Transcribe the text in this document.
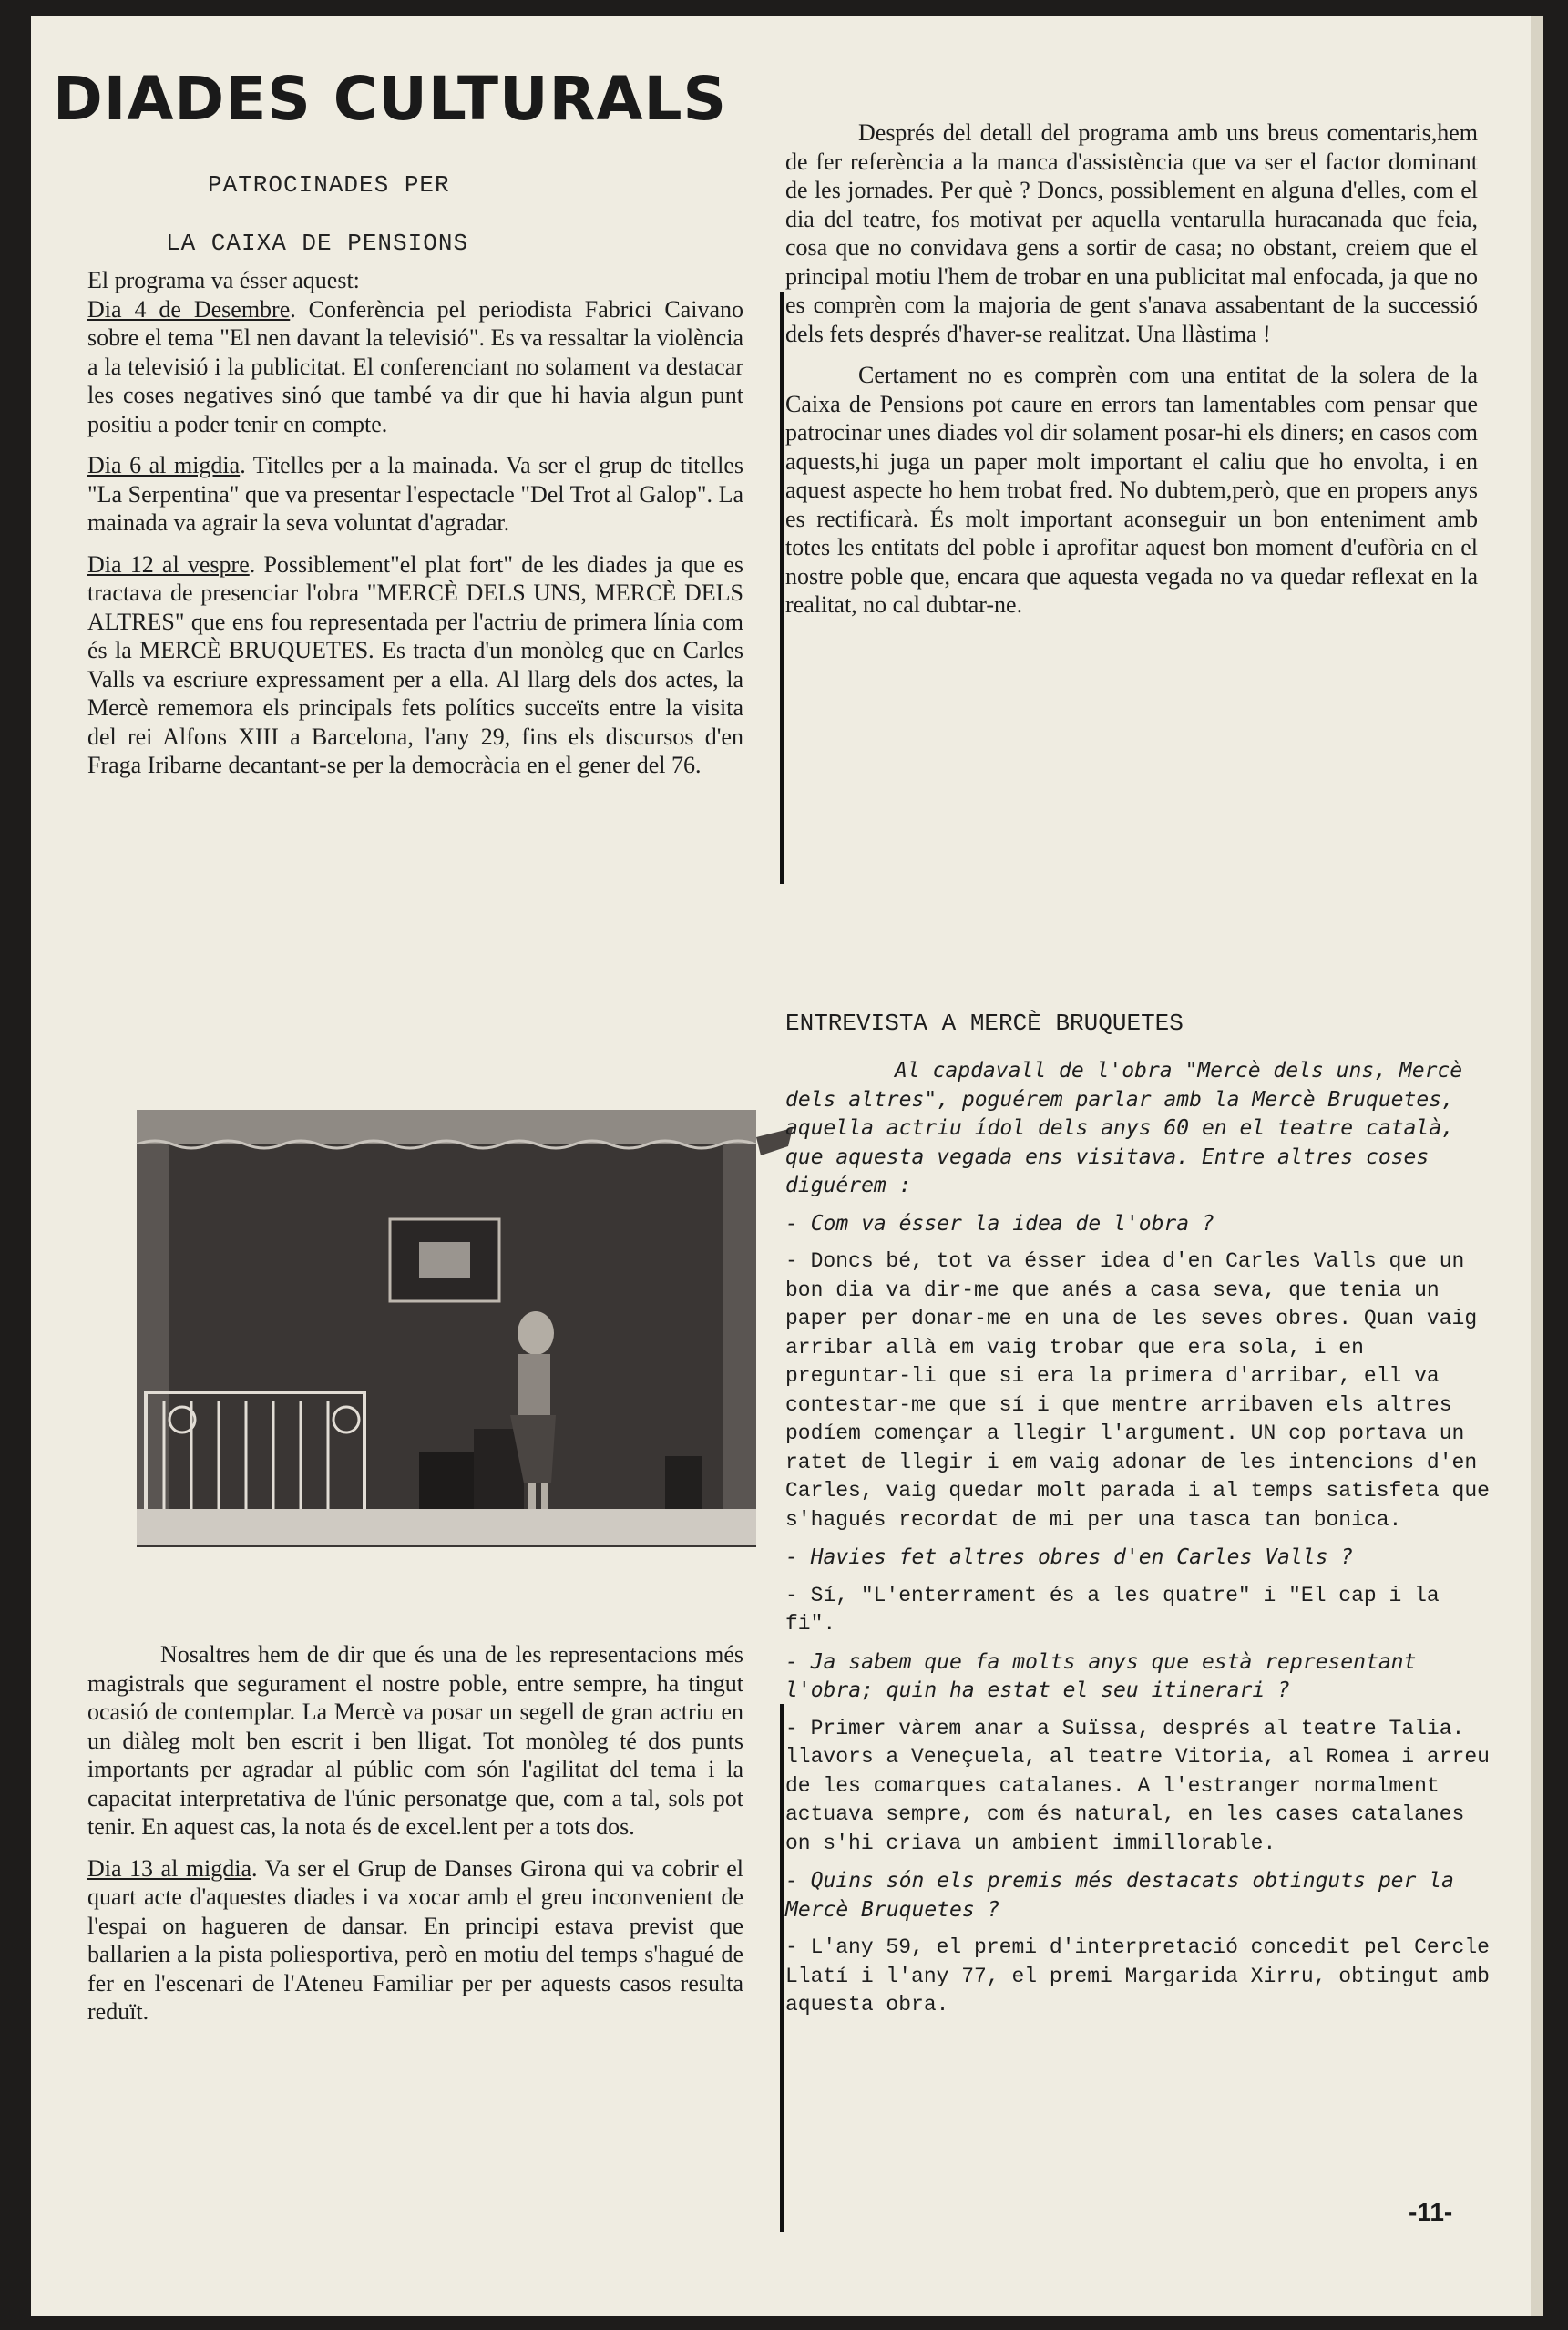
DIADES CULTURALS
PATROCINADES PER
LA CAIXA DE PENSIONS

El programa va ésser aquest:
Dia 4 de Desembre. Conferència pel periodista Fabrici Caivano sobre el tema "El nen davant la televisió". Es va ressaltar la violència a la televisió i la publicitat. El conferenciant no solament va destacar les coses negatives sinó que també va dir que hi havia algun punt positiu a poder tenir en compte.

Dia 6 al migdia. Titelles per a la mainada. Va ser el grup de titelles "La Serpentina" que va presentar l'espectacle "Del Trot al Galop". La mainada va agrair la seva voluntat d'agradar.

Dia 12 al vespre. Possiblement"el plat fort" de les diades ja que es tractava de presenciar l'obra "MERCÈ DELS UNS, MERCÈ DELS ALTRES" que ens fou representada per l'actriu de primera línia com és la MERCÈ BRUQUETES. Es tracta d'un monòleg que en Carles Valls va escriure expressament per a ella. Al llarg dels dos actes, la Mercè rememora els principals fets polítics succeïts entre la visita del rei Alfons XIII a Barcelona, l'any 29, fins els discursos d'en Fraga Iribarne decantant-se per la democràcia en el gener del 76.

Nosaltres hem de dir que és una de les representacions més magistrals que segurament el nostre poble, entre sempre, ha tingut ocasió de contemplar. La Mercè va posar un segell de gran actriu en un diàleg molt ben escrit i ben lligat. Tot monòleg té dos punts importants per agradar al públic com són l'agilitat del tema i la capacitat interpretativa de l'únic personatge que, com a tal, sols pot tenir. En aquest cas, la nota és de excel.lent per a tots dos.

Dia 13 al migdia. Va ser el Grup de Danses Girona qui va cobrir el quart acte d'aquestes diades i va xocar amb el greu inconvenient de l'espai on hagueren de dansar. En principi estava previst que ballarien a la pista poliesportiva, però en motiu del temps s'hagué de fer en l'escenari de l'Ateneu Familiar per per aquests casos resulta reduït.

Després del detall del programa amb uns breus comentaris,hem de fer referència a la manca d'assistència que va ser el factor dominant de les jornades. Per què ? Doncs, possiblement en alguna d'elles, com el dia del teatre, fos motivat per aquella ventarulla huracanada que feia, cosa que no convidava gens a sortir de casa; no obstant, creiem que el principal motiu l'hem de trobar en una publicitat mal enfocada, ja que no es comprèn com la majoria de gent s'anava assabentant de la successió dels fets després d'haver-se realitzat. Una llàstima !

Certament no es comprèn com una entitat de la solera de la Caixa de Pensions pot caure en errors tan lamentables com pensar que patrocinar unes diades vol dir solament posar-hi els diners; en casos com aquests,hi juga un paper molt important el caliu que ho envolta, i en aquest aspecte ho hem trobat fred. No dubtem,però, que en propers anys es rectificarà. És molt important aconseguir un bon enteniment amb totes les entitats del poble i aprofitar aquest bon moment d'eufòria en el nostre poble que, encara que aquesta vegada no va quedar reflexat en la realitat, no cal dubtar-ne.

ENTREVISTA A MERCÈ BRUQUETES

Al capdavall de l'obra "Mercè dels uns, Mercè dels altres", poguérem parlar amb la Mercè Bruquetes, aquella actriu ídol dels anys 60 en el teatre català, que aquesta vegada ens visitava. Entre altres coses diguérem :

- Com va ésser la idea de l'obra ?

- Doncs bé, tot va ésser idea d'en Carles Valls que un bon dia va dir-me que anés a casa seva, que tenia un paper per donar-me en una de les seves obres. Quan vaig arribar allà em vaig trobar que era sola, i en preguntar-li que si era la primera d'arribar, ell va contestar-me que sí i que mentre arribaven els altres podíem començar a llegir l'argument. UN cop portava un ratet de llegir i em vaig adonar de les intencions d'en Carles, vaig quedar molt parada i al temps satisfeta que s'hagués recordat de mi per una tasca tan bonica.

- Havies fet altres obres d'en Carles Valls ?

- Sí, "L'enterrament és a les quatre" i "El cap i la fi".

- Ja sabem que fa molts anys que està representant l'obra; quin ha estat el seu itinerari ?

- Primer vàrem anar a Suïssa, després al teatre Talia. llavors a Veneçuela, al teatre Vitoria, al Romea i arreu de les comarques catalanes. A l'estranger normalment actuava sempre, com és natural, en les cases catalanes on s'hi criava un ambient immillorable.

- Quins són els premis més destacats obtinguts per la Mercè Bruquetes ?

- L'any 59, el premi d'interpretació concedit pel Cercle Llatí i l'any 77, el premi Margarida Xirru, obtingut amb aquesta obra.

-11-
